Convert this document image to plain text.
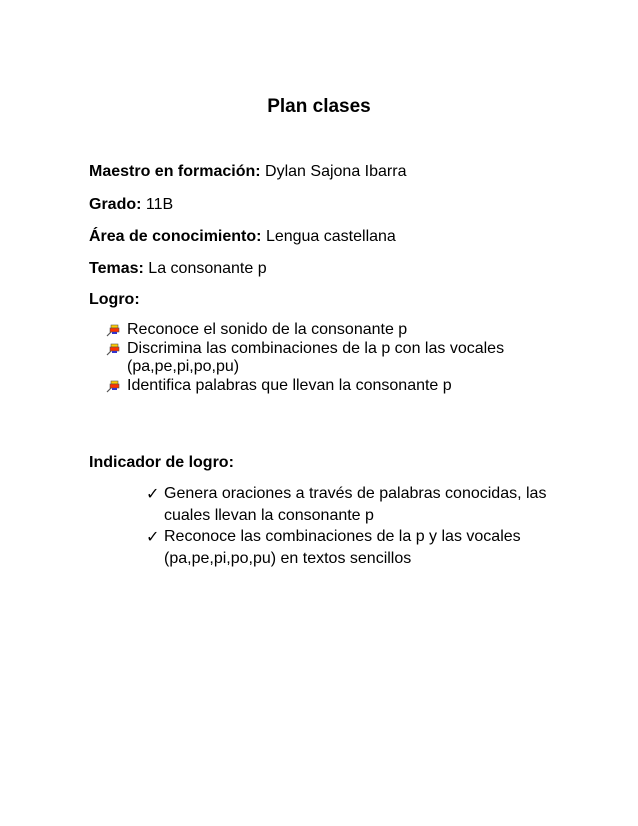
Plan clases
Maestro en formación: Dylan Sajona Ibarra
Grado: 11B
Área de conocimiento: Lengua castellana
Temas: La consonante p
Logro:
Reconoce el sonido de la consonante p
Discrimina las combinaciones de la p con las vocales (pa,pe,pi,po,pu)
Identifica palabras que llevan la consonante p
Indicador de logro:
✓ Genera oraciones a través de palabras conocidas, las cuales llevan la consonante p
✓ Reconoce las combinaciones de la p y las vocales (pa,pe,pi,po,pu) en textos sencillos
